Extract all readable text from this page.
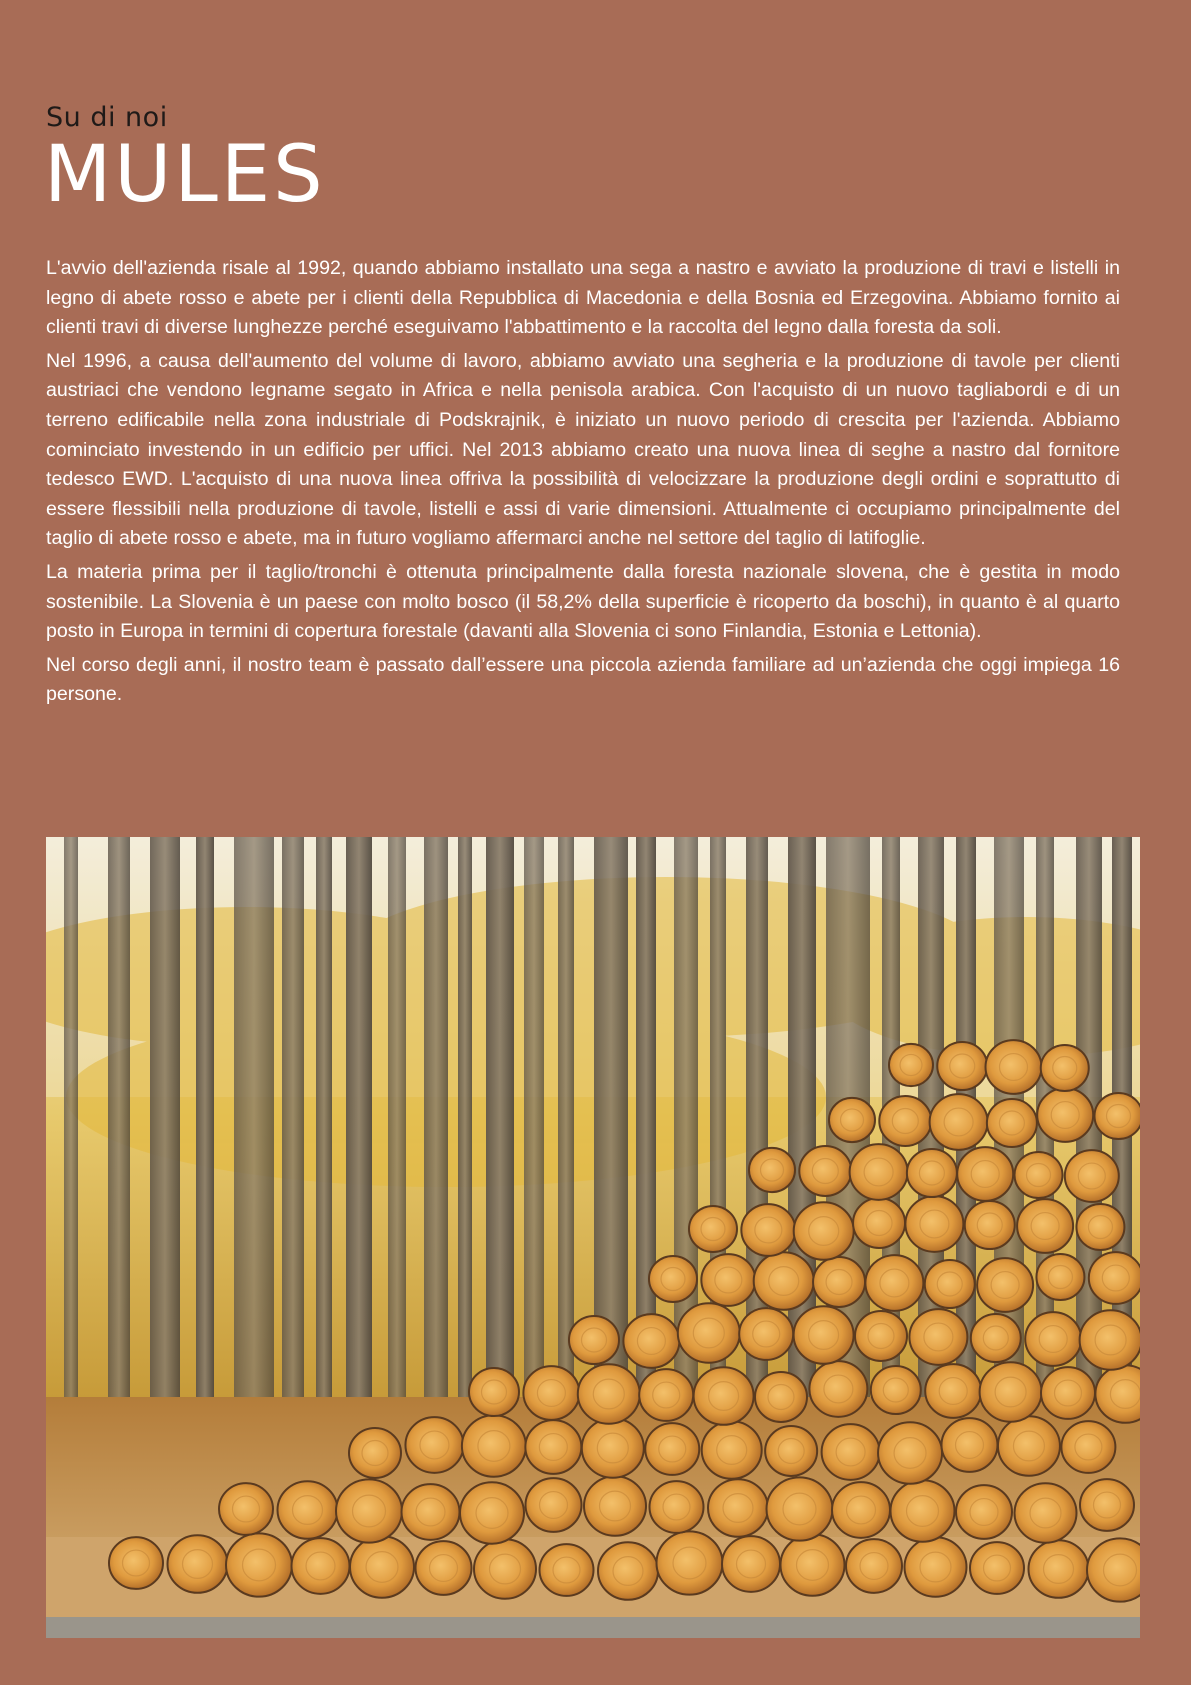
Su di noi
MULES

L'avvio dell'azienda risale al 1992, quando abbiamo installato una sega a nastro e avviato la produzione di travi e listelli in legno di abete rosso e abete per i clienti della Repubblica di Macedonia e della Bosnia ed Erzegovina. Abbiamo fornito ai clienti travi di diverse lunghezze perché eseguivamo l'abbattimento e la raccolta del legno dalla foresta da soli.

Nel 1996, a causa dell'aumento del volume di lavoro, abbiamo avviato una segheria e la produzione di tavole per clienti austriaci che vendono legname segato in Africa e nella penisola arabica. Con l'acquisto di un nuovo tagliabordi e di un terreno edificabile nella zona industriale di Podskrajnik, è iniziato un nuovo periodo di crescita per l'azienda. Abbiamo cominciato investendo in un edificio per uffici. Nel 2013 abbiamo creato una nuova linea di seghe a nastro dal fornitore tedesco EWD. L'acquisto di una nuova linea offriva la possibilità di velocizzare la produzione degli ordini e soprattutto di essere flessibili nella produzione di tavole, listelli e assi di varie dimensioni. Attualmente ci occupiamo principalmente del taglio di abete rosso e abete, ma in futuro vogliamo affermarci anche nel settore del taglio di latifoglie.

La materia prima per il taglio/tronchi è ottenuta principalmente dalla foresta nazionale slovena, che è gestita in modo sostenibile. La Slovenia è un paese con molto bosco (il 58,2% della superficie è ricoperto da boschi), in quanto è al quarto posto in Europa in termini di copertura forestale (davanti alla Slovenia ci sono Finlandia, Estonia e Lettonia).

Nel corso degli anni, il nostro team è passato dall’essere una piccola azienda familiare ad un’azienda che oggi impiega 16 persone.
